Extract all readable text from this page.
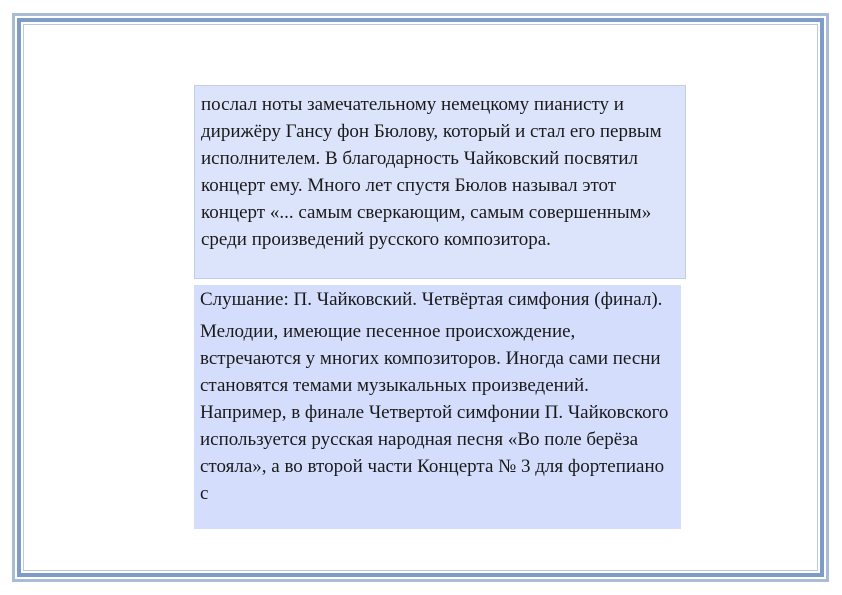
послал ноты замечательному немецкому пианисту и дирижёру Гансу фон Бюлову, который и стал его первым исполнителем. В благодарность Чайковский посвятил концерт ему. Много лет спустя Бюлов называл этот концерт «... самым сверкающим, самым совершенным» среди произведений русского композитора.

Слушание: П. Чайковский. Четвёртая симфония (финал).

Мелодии, имеющие песенное происхождение, встречаются у многих композиторов. Иногда сами песни становятся темами музыкальных произведений. Например, в финале Четвертой симфонии П. Чайковского используется русская народная песня «Во поле берёза стояла», а во второй части Концерта № 3 для фортепиано с
